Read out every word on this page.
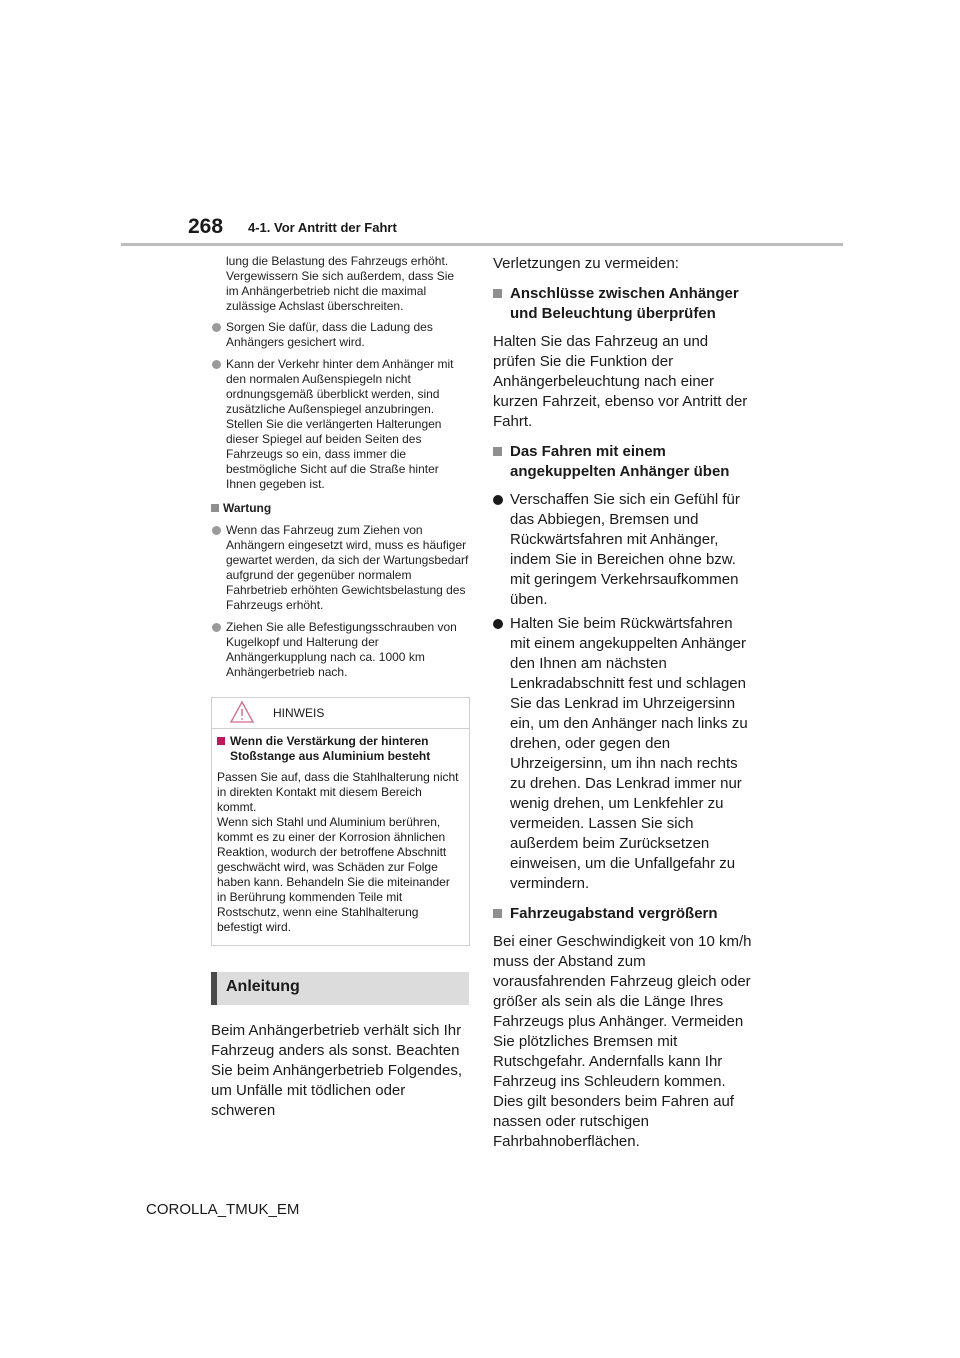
268 4-1. Vor Antritt der Fahrt
lung die Belastung des Fahrzeugs erhöht. Vergewissern Sie sich außerdem, dass Sie im Anhängerbetrieb nicht die maximal zulässige Achslast überschreiten.
Sorgen Sie dafür, dass die Ladung des Anhängers gesichert wird.
Kann der Verkehr hinter dem Anhänger mit den normalen Außenspiegeln nicht ordnungsgemäß überblickt werden, sind zusätzliche Außenspiegel anzubringen. Stellen Sie die verlängerten Halterungen dieser Spiegel auf beiden Seiten des Fahrzeugs so ein, dass immer die bestmögliche Sicht auf die Straße hinter Ihnen gegeben ist.
Wartung
Wenn das Fahrzeug zum Ziehen von Anhängern eingesetzt wird, muss es häufiger gewartet werden, da sich der Wartungsbedarf aufgrund der gegenüber normalem Fahrbetrieb erhöhten Gewichtsbelastung des Fahrzeugs erhöht.
Ziehen Sie alle Befestigungsschrauben von Kugelkopf und Halterung der Anhängerkupplung nach ca. 1000 km Anhängerbetrieb nach.
HINWEIS
Wenn die Verstärkung der hinteren Stoßstange aus Aluminium besteht
Passen Sie auf, dass die Stahlhalterung nicht in direkten Kontakt mit diesem Bereich kommt.
Wenn sich Stahl und Aluminium berühren, kommt es zu einer der Korrosion ähnlichen Reaktion, wodurch der betroffene Abschnitt geschwächt wird, was Schäden zur Folge haben kann. Behandeln Sie die miteinander in Berührung kommenden Teile mit Rostschutz, wenn eine Stahlhalterung befestigt wird.
Anleitung

Beim Anhängerbetrieb verhält sich Ihr Fahrzeug anders als sonst. Beachten Sie beim Anhängerbetrieb Folgendes, um Unfälle mit tödlichen oder schweren

Verletzungen zu vermeiden:

Anschlüsse zwischen Anhänger und Beleuchtung überprüfen

Halten Sie das Fahrzeug an und prüfen Sie die Funktion der Anhängerbeleuchtung nach einer kurzen Fahrzeit, ebenso vor Antritt der Fahrt.

Das Fahren mit einem angekuppelten Anhänger üben
Verschaffen Sie sich ein Gefühl für das Abbiegen, Bremsen und Rückwärtsfahren mit Anhänger, indem Sie in Bereichen ohne bzw. mit geringem Verkehrsaufkommen üben.
Halten Sie beim Rückwärtsfahren mit einem angekuppelten Anhänger den Ihnen am nächsten Lenkradabschnitt fest und schlagen Sie das Lenkrad im Uhrzeigersinn ein, um den Anhänger nach links zu drehen, oder gegen den Uhrzeigersinn, um ihn nach rechts zu drehen. Das Lenkrad immer nur wenig drehen, um Lenkfehler zu vermeiden. Lassen Sie sich außerdem beim Zurücksetzen einweisen, um die Unfallgefahr zu vermindern.
Fahrzeugabstand vergrößern

Bei einer Geschwindigkeit von 10 km/h muss der Abstand zum vorausfahrenden Fahrzeug gleich oder größer als sein als die Länge Ihres Fahrzeugs plus Anhänger. Vermeiden Sie plötzliches Bremsen mit Rutschgefahr. Andernfalls kann Ihr Fahrzeug ins Schleudern kommen. Dies gilt besonders beim Fahren auf nassen oder rutschigen Fahrbahnoberflächen.

COROLLA_TMUK_EM
